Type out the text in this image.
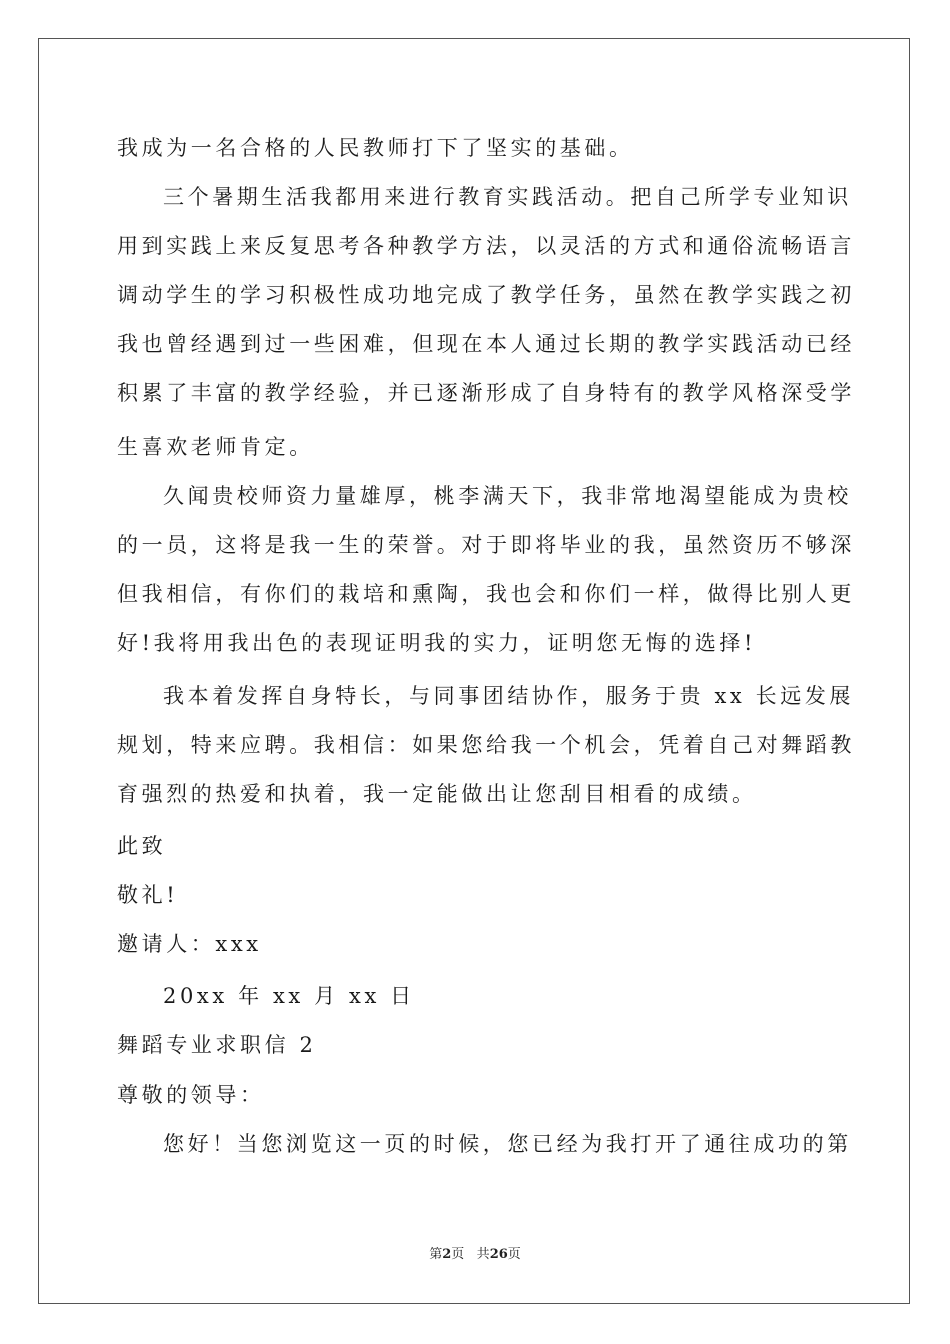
我成为一名合格的人民教师打下了坚实的基础。
三个暑期生活我都用来进行教育实践活动。把自己所学专业知识
用到实践上来反复思考各种教学方法，以灵活的方式和通俗流畅语言
调动学生的学习积极性成功地完成了教学任务，虽然在教学实践之初
我也曾经遇到过一些困难，但现在本人通过长期的教学实践活动已经
积累了丰富的教学经验，并已逐渐形成了自身特有的教学风格深受学
生喜欢老师肯定。
久闻贵校师资力量雄厚，桃李满天下，我非常地渴望能成为贵校
的一员，这将是我一生的荣誉。对于即将毕业的我，虽然资历不够深
但我相信，有你们的栽培和熏陶，我也会和你们一样，做得比别人更
好!我将用我出色的表现证明我的实力，证明您无悔的选择!
我本着发挥自身特长，与同事团结协作，服务于贵 xx 长远发展
规划，特来应聘。我相信：如果您给我一个机会，凭着自己对舞蹈教
育强烈的热爱和执着，我一定能做出让您刮目相看的成绩。
此致
敬礼!
邀请人：xxx
20xx 年 xx 月 xx 日
舞蹈专业求职信 2
尊敬的领导：
您好！当您浏览这一页的时候，您已经为我打开了通往成功的第
第2页 共26页
